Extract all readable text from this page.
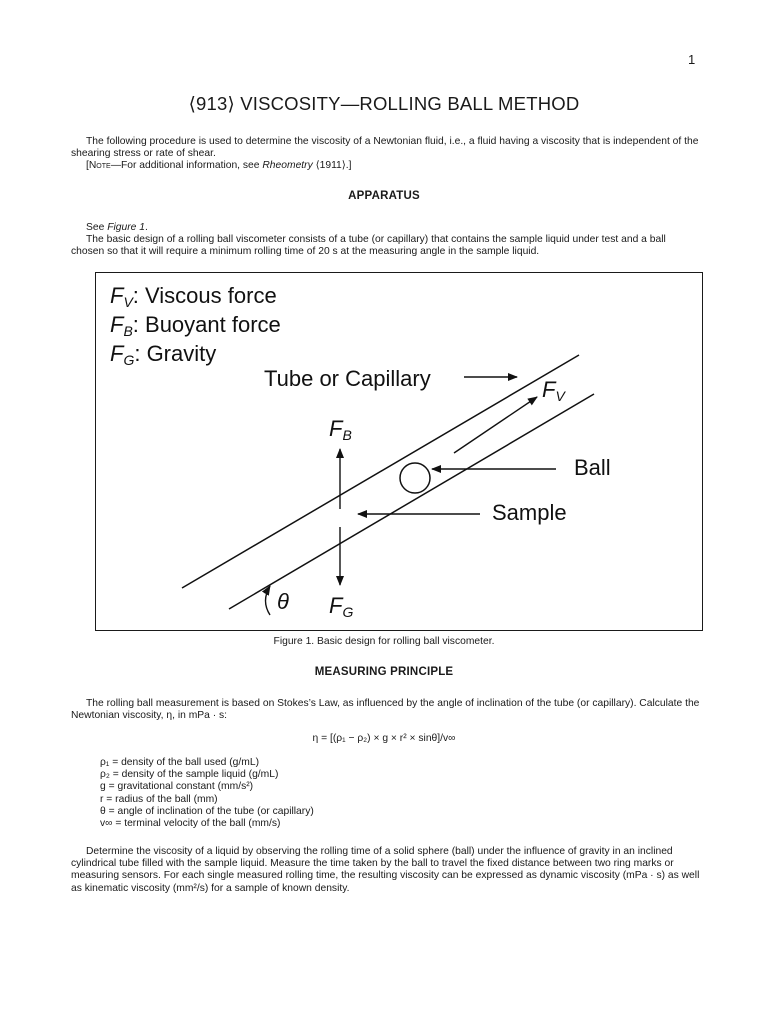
1
⟨913⟩ VISCOSITY—ROLLING BALL METHOD
The following procedure is used to determine the viscosity of a Newtonian fluid, i.e., a fluid having a viscosity that is independent of the shearing stress or rate of shear.
[Note—For additional information, see Rheometry ⟨1911⟩.]
APPARATUS
See Figure 1.
The basic design of a rolling ball viscometer consists of a tube (or capillary) that contains the sample liquid under test and a ball chosen so that it will require a minimum rolling time of 20 s at the measuring angle in the sample liquid.
$F_V$: Viscous force
$F_B$: Buoyant force
$F_G$: Gravity
Tube or Capillary	$F_V$
$F_B$
Ball
Sample
θ $F_G$
Figure 1. Basic design for rolling ball viscometer.
MEASURING PRINCIPLE
The rolling ball measurement is based on Stokes’s Law, as influenced by the angle of inclination of the tube (or capillary). Calculate the Newtonian viscosity, η, in mPa · s:
η = [(ρ₁ − ρ₂) × g × r² × sinθ]/v∞
ρ₁ = density of the ball used (g/mL)
ρ₂ = density of the sample liquid (g/mL)
g = gravitational constant (mm/s²)
r = radius of the ball (mm)
θ = angle of inclination of the tube (or capillary)
v∞ = terminal velocity of the ball (mm/s)
Determine the viscosity of a liquid by observing the rolling time of a solid sphere (ball) under the influence of gravity in an inclined cylindrical tube filled with the sample liquid. Measure the time taken by the ball to travel the fixed distance between two ring marks or measuring sensors. For each single measured rolling time, the resulting viscosity can be expressed as dynamic viscosity (mPa · s) as well as kinematic viscosity (mm²/s) for a sample of known density.
